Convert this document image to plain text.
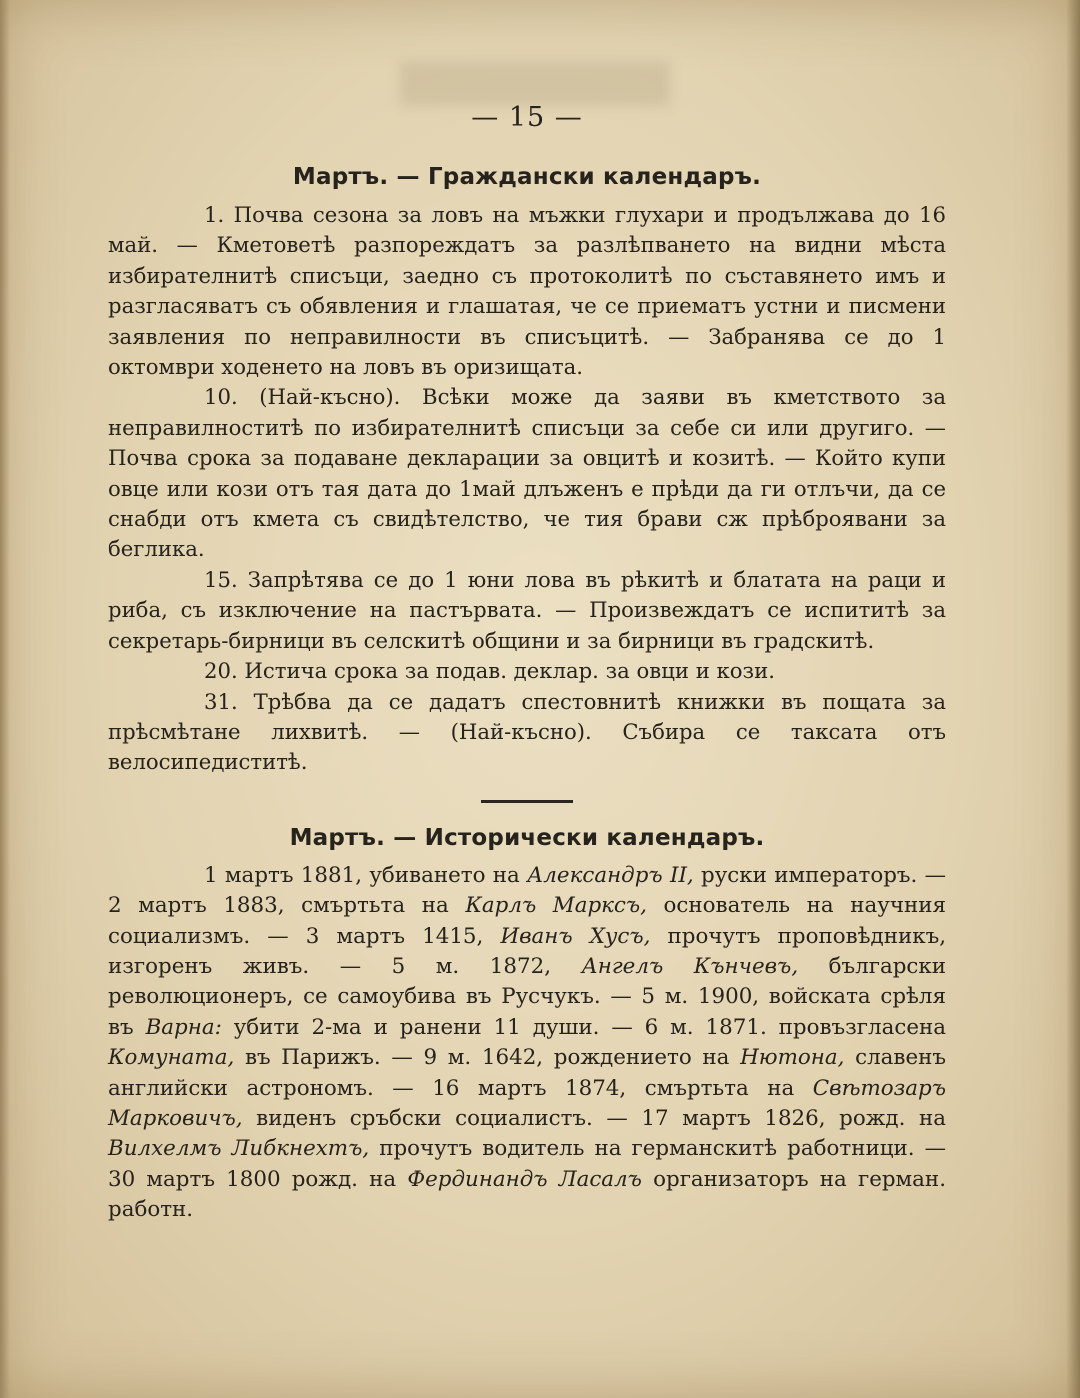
— 15 —
Мартъ. — Граждански календаръ.

1. Почва сезона за ловъ на мъжки глухари и продължава до 16 май. — Кметоветѣ разпореждатъ за разлѣпването на видни мѣста избирателнитѣ списъци, заедно съ протоколитѣ по съставянето имъ и разгласяватъ съ обявления и глашатая, че се приематъ устни и писмени заявления по неправилности въ списъцитѣ. — Забранява се до 1 октомври ходенето на ловъ въ оризищата.

10. (Най-късно). Всѣки може да заяви въ кметството за неправилноститѣ по избирателнитѣ списъци за себе си или другиго. — Почва срока за подаване декларации за овцитѣ и козитѣ. — Който купи овце или кози отъ тая дата до 1май длъженъ е прѣди да ги отлъчи, да се снабди отъ кмета съ свидѣтелство, че тия брави сж прѣброявани за беглика.

15. Запрѣтява се до 1 юни лова въ рѣкитѣ и блатата на раци и риба, съ изключение на пастървата. — Произвеждатъ се испититѣ за секретарь-бирници въ селскитѣ общини и за бирници въ градскитѣ.

20. Истича срока за подав. деклар. за овци и кози.

31. Трѣбва да се дадатъ спестовнитѣ книжки въ пощата за прѣсмѣтане лихвитѣ. — (Най-късно). Събира се таксата отъ велосипедиститѣ.

Мартъ. — Исторически календаръ.

1 мартъ 1881, убиването на Александръ II, руски императоръ. — 2 мартъ 1883, смъртьта на Карлъ Марксъ, основатель на научния социализмъ. — 3 мартъ 1415, Иванъ Хусъ, прочутъ проповѣдникъ, изгоренъ живъ. — 5 м. 1872, Ангелъ Кънчевъ, български революционеръ, се самоубива въ Русчукъ. — 5 м. 1900, войската срѣля въ Варна: убити 2-ма и ранени 11 души. — 6 м. 1871. провъзгласена Комуната, въ Парижъ. — 9 м. 1642, рождението на Нютона, славенъ английски астрономъ. — 16 мартъ 1874, смъртьта на Свѣтозаръ Марковичъ, виденъ сръбски социалистъ. — 17 мартъ 1826, рожд. на Вилхелмъ Либкнехтъ, прочутъ водитель на германскитѣ работници. — 30 мартъ 1800 рожд. на Фердинандъ Ласалъ организаторъ на герман. работн.
